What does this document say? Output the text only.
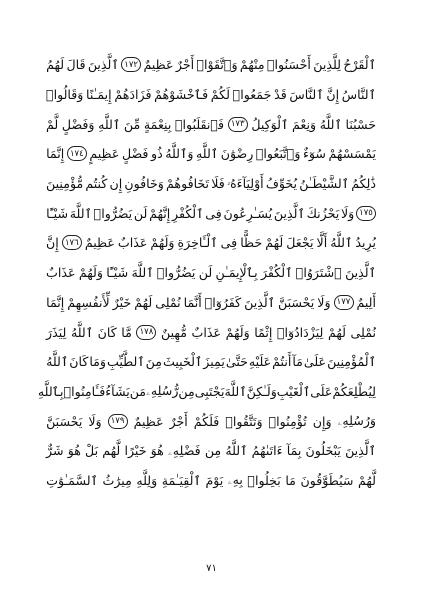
ٱلْقَرْحُ
لِلَّذِينَ
أَحْسَنُوا۟
مِنْهُمْ
وَٱتَّقَوْا۟
أَجْرٌ
عَظِيمٌ
١٧٢
ٱلَّذِينَ
قَالَ
لَهُمُ
ٱلنَّاسُ
إِنَّ
ٱلنَّاسَ
قَدْ
جَمَعُوا۟
لَكُمْ
فَٱخْشَوْهُمْ
فَزَادَهُمْ
إِيمَـٰنًا
وَقَالُوا۟
حَسْبُنَا
ٱللَّهُ
وَنِعْمَ
ٱلْوَكِيلُ
١٧٣
فَٱنقَلَبُوا۟
بِنِعْمَةٍ
مِّنَ
ٱللَّهِ
وَفَضْلٍ
لَّمْ
يَمْسَسْهُمْ
سُوٓءٌ
وَٱتَّبَعُوا۟
رِضْوَٰنَ
ٱللَّهِ
وَٱللَّهُ
ذُو
فَضْلٍ
عَظِيمٍ
١٧٤
إِنَّمَا
ذَٰلِكُمُ
ٱلشَّيْطَـٰنُ
يُخَوِّفُ
أَوْلِيَآءَهُۥ
فَلَا
تَخَافُوهُمْ
وَخَافُونِ
إِن
كُنتُم
مُّؤْمِنِينَ
١٧٥
وَلَا
يَحْزُنكَ
ٱلَّذِينَ
يُسَـٰرِعُونَ
فِى
ٱلْكُفْرِ
إِنَّهُمْ
لَن
يَضُرُّوا۟
ٱللَّهَ
شَيْـًٔا
يُرِيدُ
ٱللَّهُ
أَلَّا
يَجْعَلَ
لَهُمْ
حَظًّا
فِى
ٱلْـَٔاخِرَةِ
وَلَهُمْ
عَذَابٌ
عَظِيمٌ
١٧٦
إِنَّ
ٱلَّذِينَ
ٱشْتَرَوُا۟
ٱلْكُفْرَ
بِٱلْإِيمَـٰنِ
لَن
يَضُرُّوا۟
ٱللَّهَ
شَيْـًٔا
وَلَهُمْ
عَذَابٌ
أَلِيمٌ
١٧٧
وَلَا
يَحْسَبَنَّ
ٱلَّذِينَ
كَفَرُوٓا۟
أَنَّمَا
نُمْلِى
لَهُمْ
خَيْرٌ
لِّأَنفُسِهِمْ
إِنَّمَا
نُمْلِى
لَهُمْ
لِيَزْدَادُوٓا۟
إِثْمًا
وَلَهُمْ
عَذَابٌ
مُّهِينٌ
١٧٨
مَّا
كَانَ
ٱللَّهُ
لِيَذَرَ
ٱلْمُؤْمِنِينَ
عَلَىٰ
مَآ
أَنتُمْ
عَلَيْهِ
حَتَّىٰ
يَمِيزَ
ٱلْخَبِيثَ
مِنَ
ٱلطَّيِّبِ
وَمَا
كَانَ
ٱللَّهُ
لِيُطْلِعَكُمْ
عَلَى
ٱلْغَيْبِ
وَلَـٰكِنَّ
ٱللَّهَ
يَجْتَبِى
مِن
رُّسُلِهِۦ
مَن
يَشَآءُ
فَـَٔامِنُوا۟
بِٱللَّهِ
وَرُسُلِهِۦ
وَإِن
تُؤْمِنُوا۟
وَتَتَّقُوا۟
فَلَكُمْ
أَجْرٌ
عَظِيمٌ
١٧٩
وَلَا
يَحْسَبَنَّ
ٱلَّذِينَ
يَبْخَلُونَ
بِمَآ
ءَاتَىٰهُمُ
ٱللَّهُ
مِن
فَضْلِهِۦ
هُوَ
خَيْرًا
لَّهُم
بَلْ
هُوَ
شَرٌّ
لَّهُمْ
سَيُطَوَّقُونَ
مَا
بَخِلُوا۟
بِهِۦ
يَوْمَ
ٱلْقِيَـٰمَةِ
وَلِلَّهِ
مِيرَٰثُ
ٱلسَّمَـٰوَٰتِ
٧١
